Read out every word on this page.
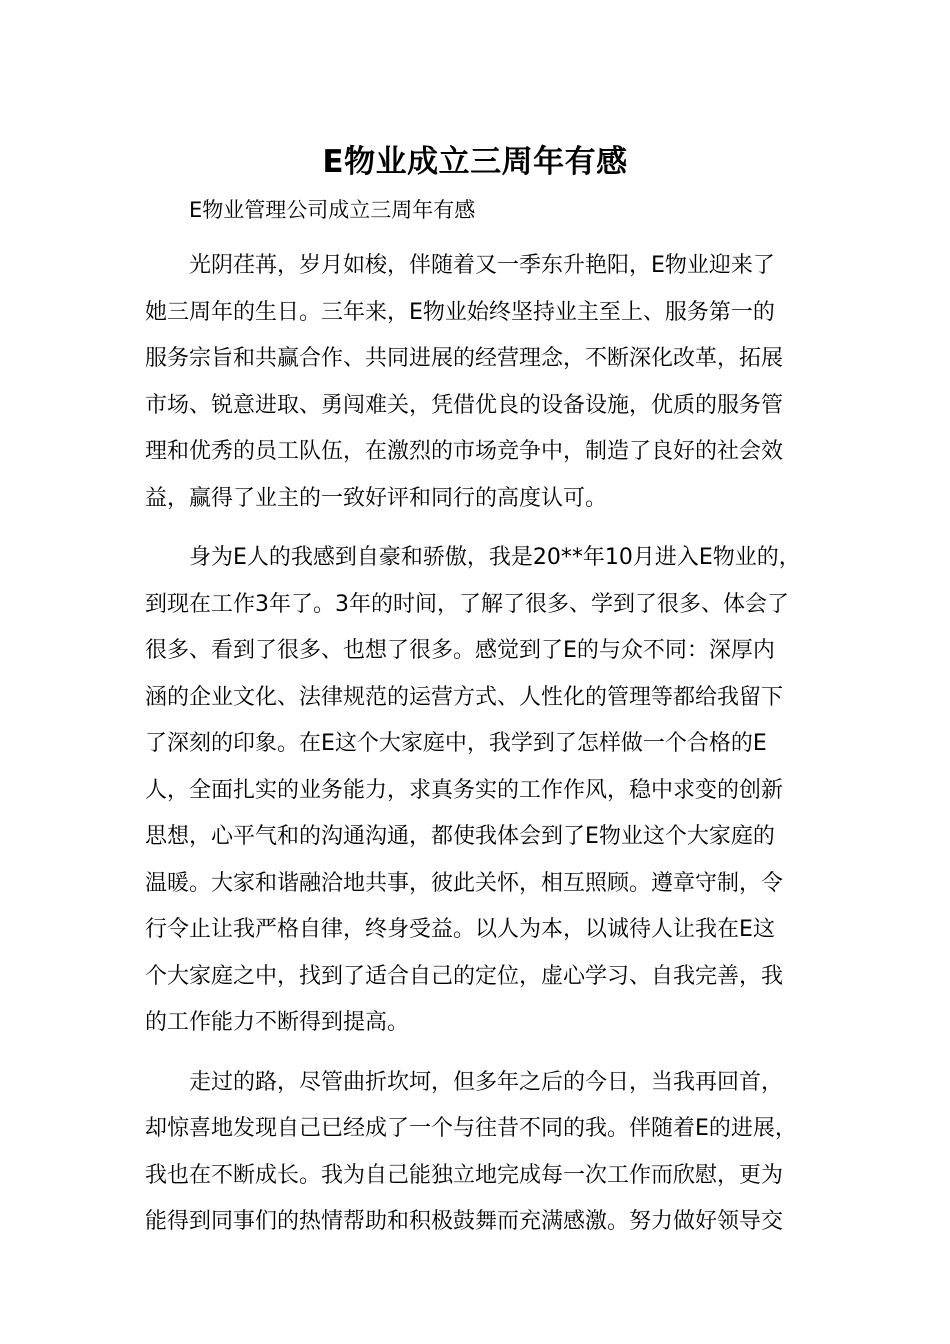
E物业成立三周年有感

E物业管理公司成立三周年有感

光阴荏苒，岁月如梭，伴随着又一季东升艳阳，E物业迎来了
她三周年的生日。三年来，E物业始终坚持业主至上、服务第一的
服务宗旨和共赢合作、共同进展的经营理念，不断深化改革，拓展
市场、锐意进取、勇闯难关，凭借优良的设备设施，优质的服务管
理和优秀的员工队伍，在激烈的市场竞争中，制造了良好的社会效
益，赢得了业主的一致好评和同行的高度认可。

身为E人的我感到自豪和骄傲，我是20**年10月进入E物业的，
到现在工作3年了。3年的时间，了解了很多、学到了很多、体会了
很多、看到了很多、也想了很多。感觉到了E的与众不同：深厚内
涵的企业文化、法律规范的运营方式、人性化的管理等都给我留下
了深刻的印象。在E这个大家庭中，我学到了怎样做一个合格的E
人，全面扎实的业务能力，求真务实的工作作风，稳中求变的创新
思想，心平气和的沟通沟通，都使我体会到了E物业这个大家庭的
温暖。大家和谐融洽地共事，彼此关怀，相互照顾。遵章守制，令
行令止让我严格自律，终身受益。以人为本，以诚待人让我在E这
个大家庭之中，找到了适合自己的定位，虚心学习、自我完善，我
的工作能力不断得到提高。

走过的路，尽管曲折坎坷，但多年之后的今日，当我再回首，
却惊喜地发现自己已经成了一个与往昔不同的我。伴随着E的进展，
我也在不断成长。我为自己能独立地完成每一次工作而欣慰，更为
能得到同事们的热情帮助和积极鼓舞而充满感激。努力做好领导交
